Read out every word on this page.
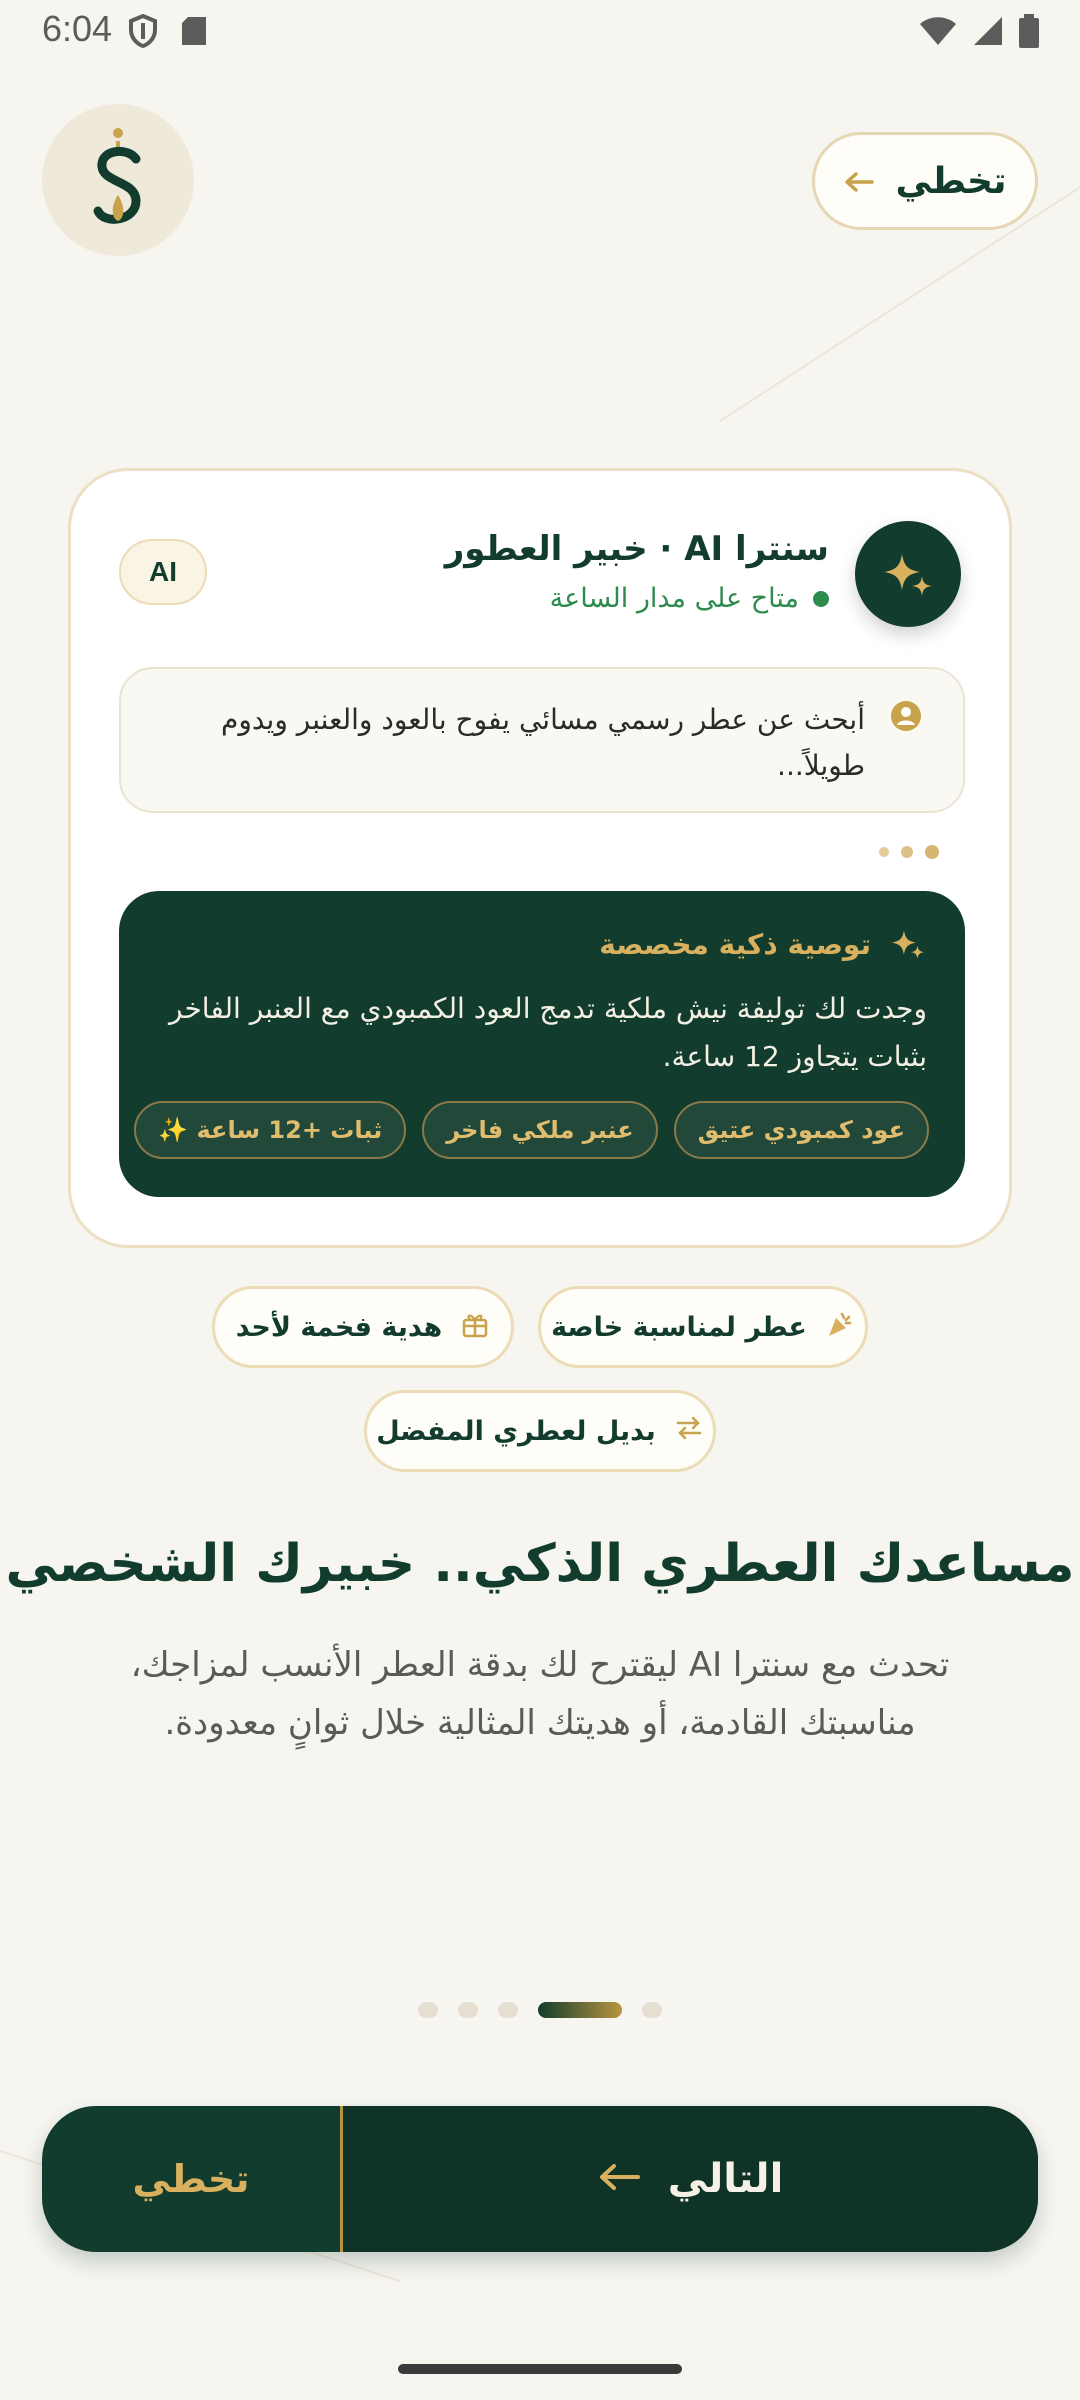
6:04
تخطي
سنترا AI · خبير العطور
متاح على مدار الساعة
AI
أبحث عن عطر رسمي مسائي يفوح بالعود والعنبر ويدوم طويلاً...
توصية ذكية مخصصة
وجدت لك توليفة نيش ملكية تدمج العود الكمبودي مع العنبر الفاخر بثبات يتجاوز 12 ساعة.
عود كمبودي عتيق
عنبر ملكي فاخر
ثبات +12 ساعة ✨
عطر لمناسبة خاصة
هدية فخمة لأحد
بديل لعطري المفضل
مساعدك العطري الذكي.. خبيرك الشخصي
تحدث مع سنترا AI ليقترح لك بدقة العطر الأنسب لمزاجك، مناسبتك القادمة، أو هديتك المثالية خلال ثوانٍ معدودة.
تخطي	التالي
